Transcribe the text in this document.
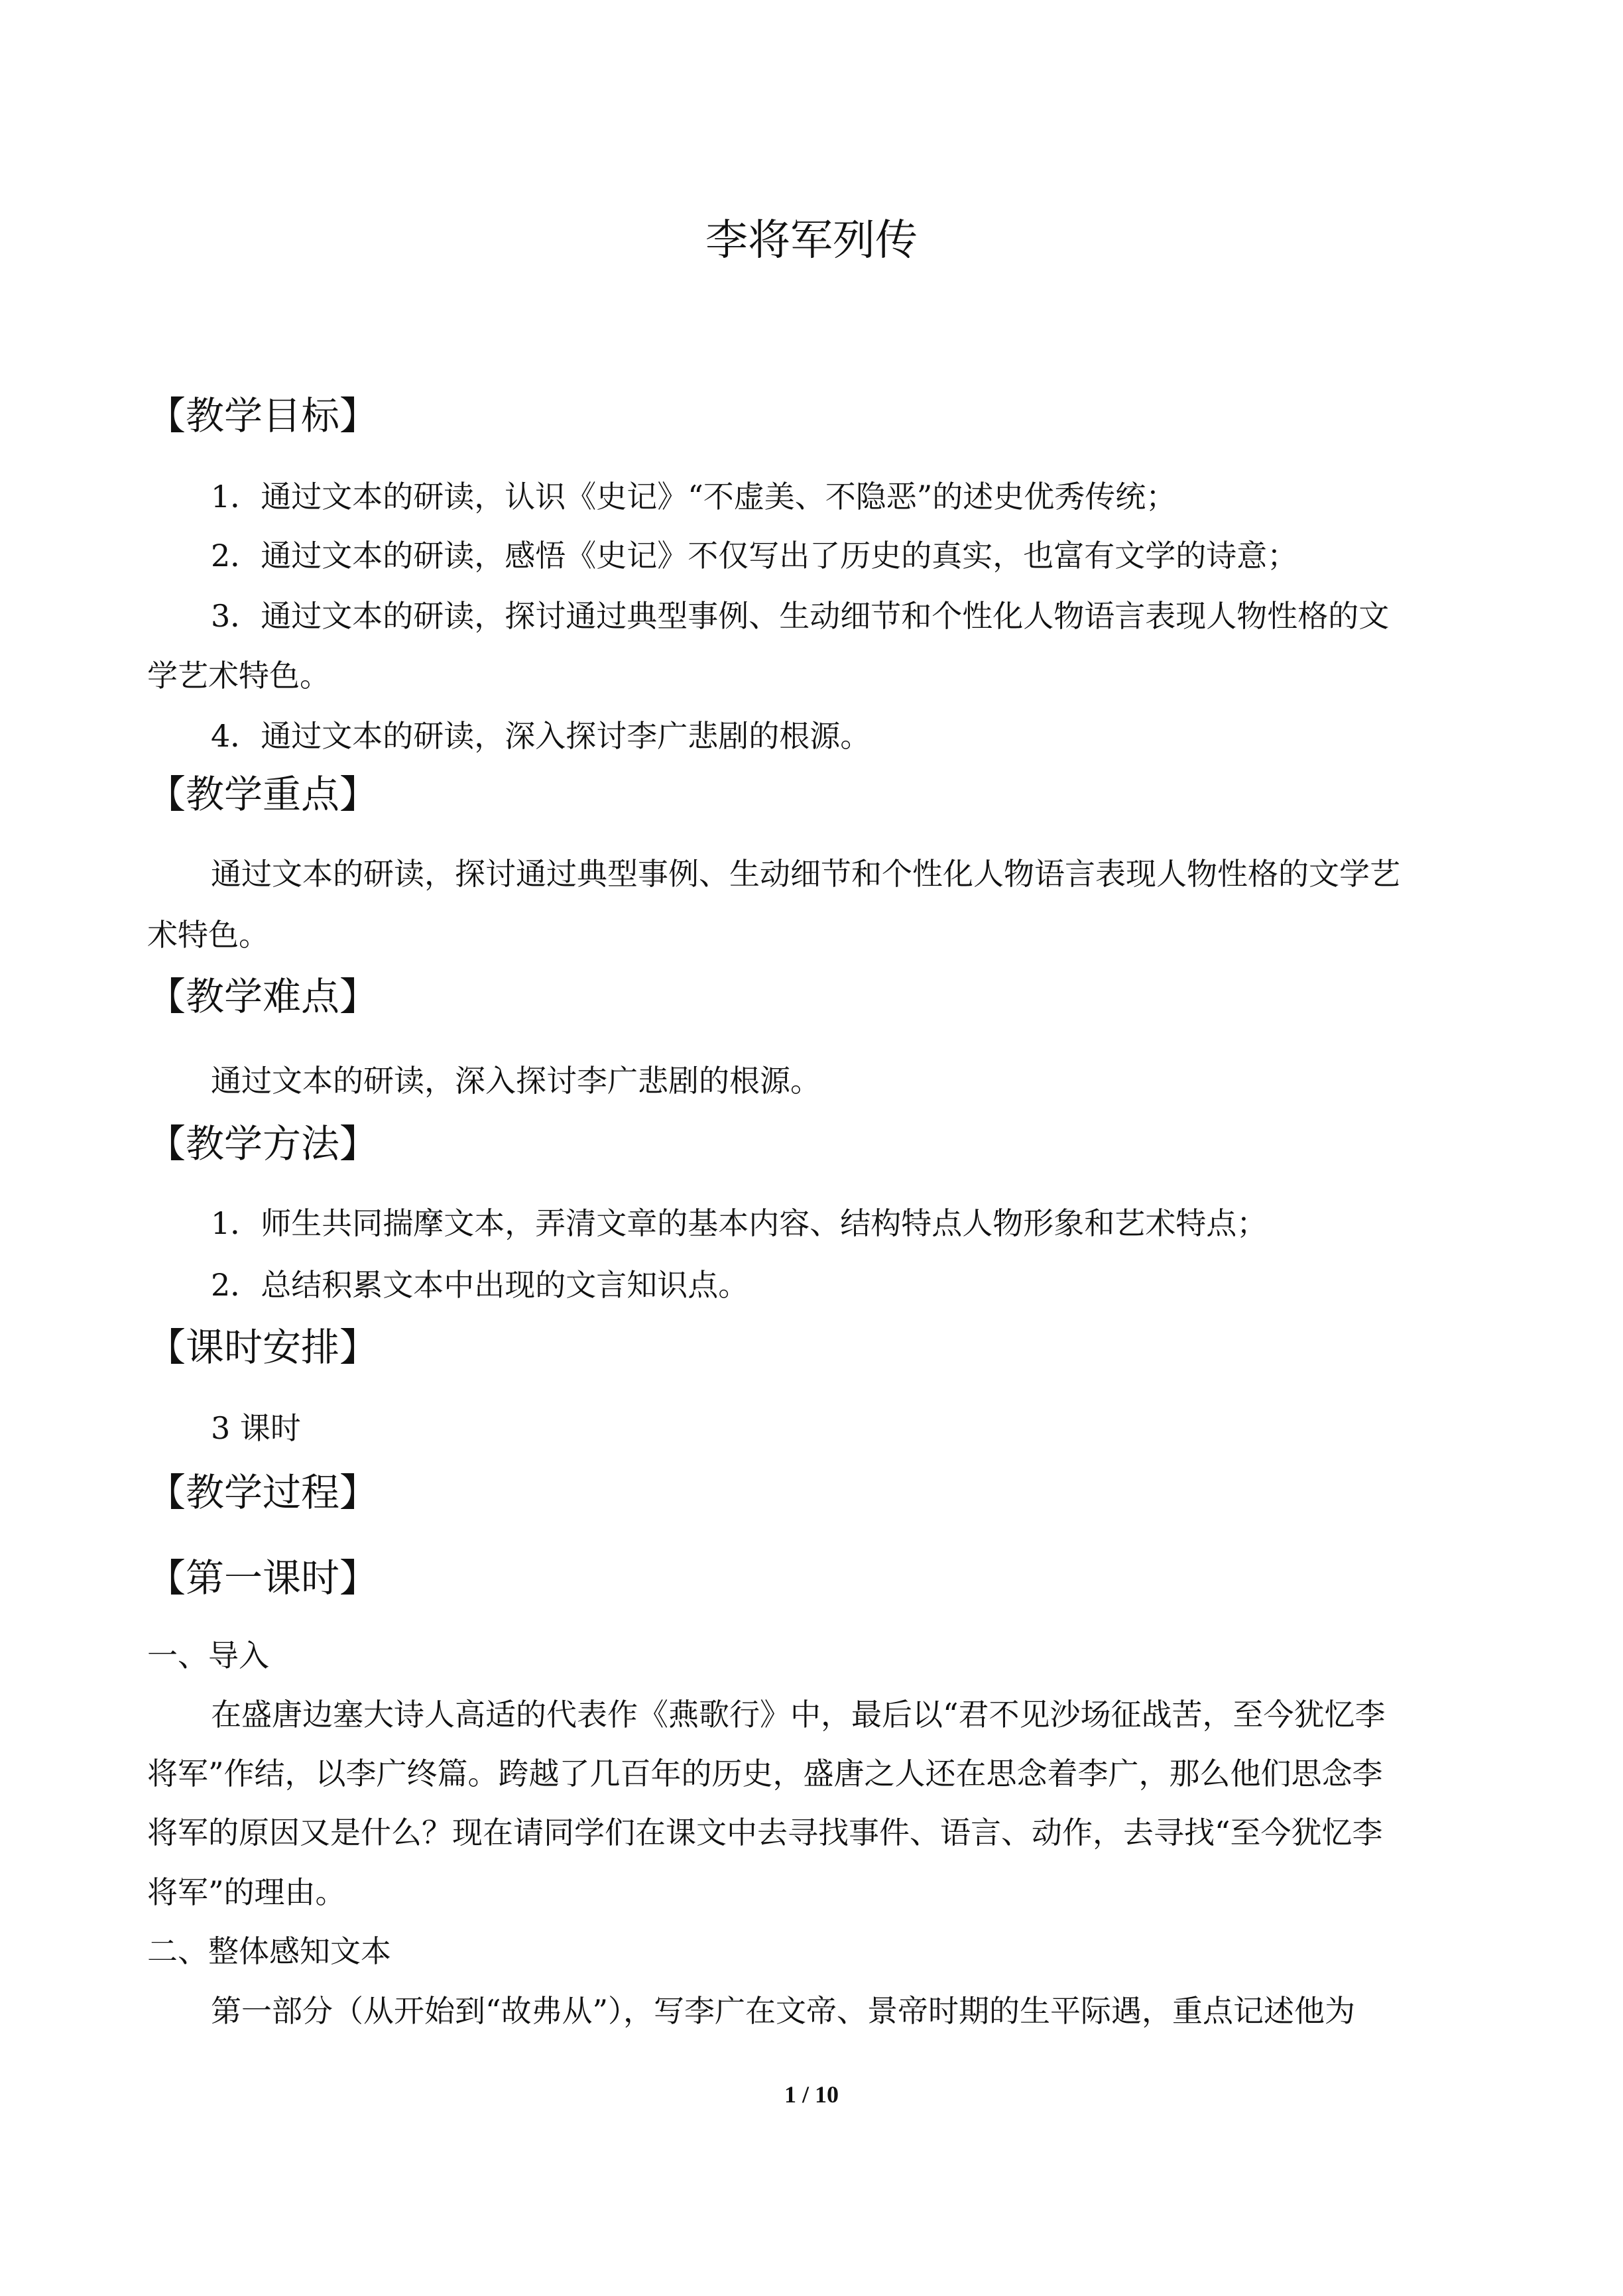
李将军列传
【教学目标】
1．通过文本的研读，认识《史记》“不虚美、不隐恶”的述史优秀传统；
2．通过文本的研读，感悟《史记》不仅写出了历史的真实，也富有文学的诗意；
3．通过文本的研读，探讨通过典型事例、生动细节和个性化人物语言表现人物性格的文
学艺术特色。
4．通过文本的研读，深入探讨李广悲剧的根源。
【教学重点】
通过文本的研读，探讨通过典型事例、生动细节和个性化人物语言表现人物性格的文学艺
术特色。
【教学难点】
通过文本的研读，深入探讨李广悲剧的根源。
【教学方法】
1．师生共同揣摩文本，弄清文章的基本内容、结构特点人物形象和艺术特点；
2．总结积累文本中出现的文言知识点。
【课时安排】
3 课时
【教学过程】
【第一课时】
一、导入
在盛唐边塞大诗人高适的代表作《燕歌行》中，最后以“君不见沙场征战苦，至今犹忆李
将军”作结，以李广终篇。跨越了几百年的历史，盛唐之人还在思念着李广，那么他们思念李
将军的原因又是什么？现在请同学们在课文中去寻找事件、语言、动作，去寻找“至今犹忆李
将军”的理由。
二、整体感知文本
第一部分（从开始到“故弗从”），写李广在文帝、景帝时期的生平际遇，重点记述他为
1 / 10
